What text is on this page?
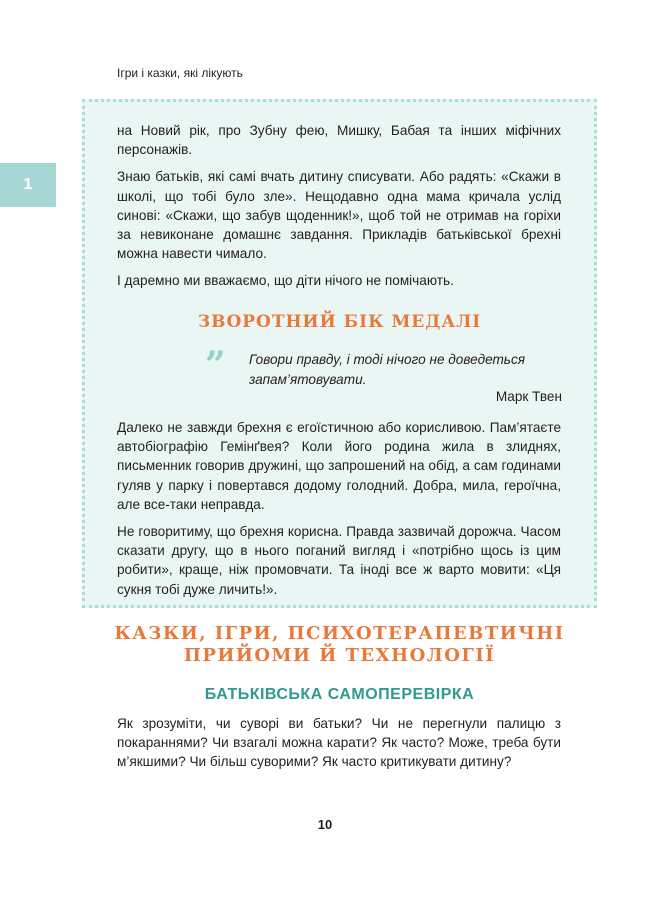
Ігри і казки, які лікують
1

на Новий рік, про Зубну фею, Мишку, Бабая та інших міфічних персонажів.

Знаю батьків, які самі вчать дитину списувати. Або радять: «Скажи в школі, що тобі було зле». Нещодавно одна мама кричала услід синові: «Скажи, що забув щоденник!», щоб той не отримав на горіхи за невиконане домашнє завдання. Прикладів батьківської брехні можна навести чимало.

І даремно ми вважаємо, що діти нічого не помічають.

ЗВОРОТНИЙ БІК МЕДАЛІ
” Говори правду, і тоді нічого не доведеться запам’ятовувати.
Марк Твен

Далеко не завжди брехня є егоїстичною або корисливою. Пам’ятаєте автобіографію Гемінґвея? Коли його родина жила в злиднях, письменник говорив дружині, що запрошений на обід, а сам годинами гуляв у парку і повертався додому голодний. Добра, мила, героїчна, але все-таки неправда.

Не говоритиму, що брехня корисна. Правда зазвичай дорожча. Часом сказати другу, що в нього поганий вигляд і «потрібно щось із цим робити», краще, ніж промовчати. Та іноді все ж варто мовити: «Ця сукня тобі дуже личить!».

КАЗКИ, ІГРИ, ПСИХОТЕРАПЕВТИЧНІ
ПРИЙОМИ Й ТЕХНОЛОГІЇ
БАТЬКІВСЬКА САМОПЕРЕВІРКА

Як зрозуміти, чи суворі ви батьки? Чи не перегнули палицю з покараннями? Чи взагалі можна карати? Як часто? Може, треба бути м’якшими? Чи більш суворими? Як часто критикувати дитину?

10
